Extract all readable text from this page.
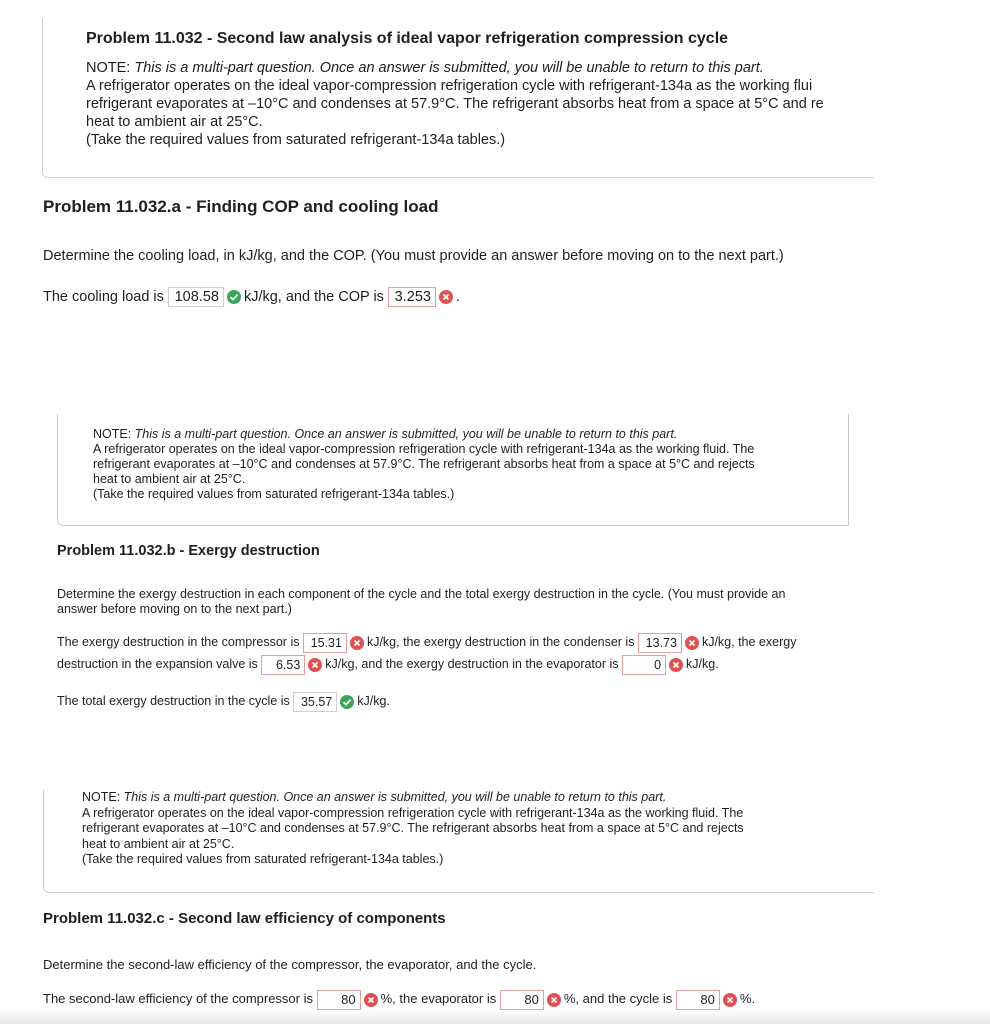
Problem 11.032 - Second law analysis of ideal vapor refrigeration compression cycle
NOTE: This is a multi-part question. Once an answer is submitted, you will be unable to return to this part.
A refrigerator operates on the ideal vapor-compression refrigeration cycle with refrigerant-134a as the working flui
refrigerant evaporates at –10°C and condenses at 57.9°C. The refrigerant absorbs heat from a space at 5°C and re
heat to ambient air at 25°C.
(Take the required values from saturated refrigerant-134a tables.)
Problem 11.032.a - Finding COP and cooling load
Determine the cooling load, in kJ/kg, and the COP. (You must provide an answer before moving on to the next part.)
The cooling load is 108.58 kJ/kg, and the COP is 3.253 .
NOTE: This is a multi-part question. Once an answer is submitted, you will be unable to return to this part.
A refrigerator operates on the ideal vapor-compression refrigeration cycle with refrigerant-134a as the working fluid. The
refrigerant evaporates at –10°C and condenses at 57.9°C. The refrigerant absorbs heat from a space at 5°C and rejects
heat to ambient air at 25°C.
(Take the required values from saturated refrigerant-134a tables.)
Problem 11.032.b - Exergy destruction
Determine the exergy destruction in each component of the cycle and the total exergy destruction in the cycle. (You must provide an
answer before moving on to the next part.)
The exergy destruction in the compressor is 15.31 kJ/kg, the exergy destruction in the condenser is 13.73 kJ/kg, the exergy
destruction in the expansion valve is 6.53 kJ/kg, and the exergy destruction in the evaporator is	0 kJ/kg.
The total exergy destruction in the cycle is 35.57 kJ/kg.
NOTE: This is a multi-part question. Once an answer is submitted, you will be unable to return to this part.
A refrigerator operates on the ideal vapor-compression refrigeration cycle with refrigerant-134a as the working fluid. The
refrigerant evaporates at –10°C and condenses at 57.9°C. The refrigerant absorbs heat from a space at 5°C and rejects
heat to ambient air at 25°C.
(Take the required values from saturated refrigerant-134a tables.)
Problem 11.032.c - Second law efficiency of components
Determine the second-law efficiency of the compressor, the evaporator, and the cycle.
The second-law efficiency of the compressor is 80 %, the evaporator is 80 %, and the cycle is 80 %.
